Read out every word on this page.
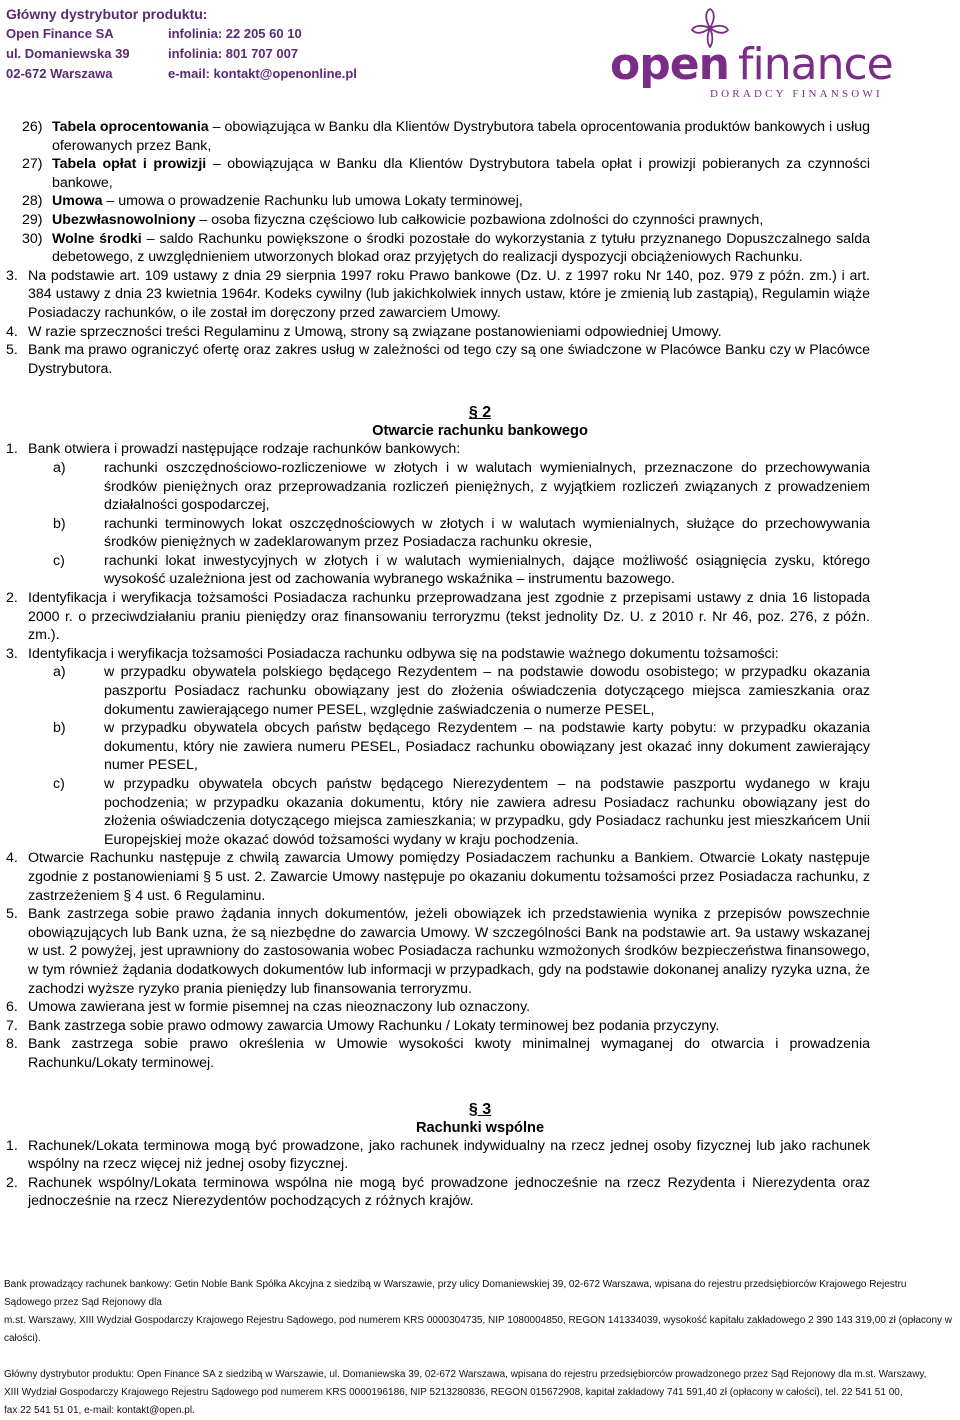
Główny dystrybutor produktu:
Open Finance SA	infolinia: 22 205 60 10
ul. Domaniewska 39	infolinia: 801 707 007
02-672 Warszawa	e-mail: kontakt@openonline.pl	open finance
DORADCY FINANSOWI
26) Tabela oprocentowania – obowiązująca w Banku dla Klientów Dystrybutora tabela oprocentowania produktów bankowych i usług oferowanych przez Bank,
27) Tabela opłat i prowizji – obowiązująca w Banku dla Klientów Dystrybutora tabela opłat i prowizji pobieranych za czynności bankowe,
28) Umowa – umowa o prowadzenie Rachunku lub umowa Lokaty terminowej,
29) Ubezwłasnowolniony – osoba fizyczna częściowo lub całkowicie pozbawiona zdolności do czynności prawnych,
30) Wolne środki – saldo Rachunku powiększone o środki pozostałe do wykorzystania z tytułu przyznanego Dopuszczalnego salda debetowego, z uwzględnieniem utworzonych blokad oraz przyjętych do realizacji dyspozycji obciążeniowych Rachunku.
3. Na podstawie art. 109 ustawy z dnia 29 sierpnia 1997 roku Prawo bankowe (Dz. U. z 1997 roku Nr 140, poz. 979 z późn. zm.) i art. 384 ustawy z dnia 23 kwietnia 1964r. Kodeks cywilny (lub jakichkolwiek innych ustaw, które je zmienią lub zastąpią), Regulamin wiąże Posiadaczy rachunków, o ile został im doręczony przed zawarciem Umowy.
4. W razie sprzeczności treści Regulaminu z Umową, strony są związane postanowieniami odpowiedniej Umowy.
5. Bank ma prawo ograniczyć ofertę oraz zakres usług w zależności od tego czy są one świadczone w Placówce Banku czy w Placówce Dystrybutora.
§ 2
Otwarcie rachunku bankowego
1. Bank otwiera i prowadzi następujące rodzaje rachunków bankowych:
a)	rachunki oszczędnościowo-rozliczeniowe w złotych i w walutach wymienialnych, przeznaczone do przechowywania środków pieniężnych oraz przeprowadzania rozliczeń pieniężnych, z wyjątkiem rozliczeń związanych z prowadzeniem działalności gospodarczej,
b)	rachunki terminowych lokat oszczędnościowych w złotych i w walutach wymienialnych, służące do przechowywania środków pieniężnych w zadeklarowanym przez Posiadacza rachunku okresie,
c)	rachunki lokat inwestycyjnych w złotych i w walutach wymienialnych, dające możliwość osiągnięcia zysku, którego wysokość uzależniona jest od zachowania wybranego wskaźnika – instrumentu bazowego.
2. Identyfikacja i weryfikacja tożsamości Posiadacza rachunku przeprowadzana jest zgodnie z przepisami ustawy z dnia 16 listopada 2000 r. o przeciwdziałaniu praniu pieniędzy oraz finansowaniu terroryzmu (tekst jednolity Dz. U. z 2010 r. Nr 46, poz. 276, z późn. zm.).
3. Identyfikacja i weryfikacja tożsamości Posiadacza rachunku odbywa się na podstawie ważnego dokumentu tożsamości:
a)	w przypadku obywatela polskiego będącego Rezydentem – na podstawie dowodu osobistego; w przypadku okazania paszportu Posiadacz rachunku obowiązany jest do złożenia oświadczenia dotyczącego miejsca zamieszkania oraz dokumentu zawierającego numer PESEL, względnie zaświadczenia o numerze PESEL,
b)	w przypadku obywatela obcych państw będącego Rezydentem – na podstawie karty pobytu: w przypadku okazania dokumentu, który nie zawiera numeru PESEL, Posiadacz rachunku obowiązany jest okazać inny dokument zawierający numer PESEL,
c)	w przypadku obywatela obcych państw będącego Nierezydentem – na podstawie paszportu wydanego w kraju pochodzenia; w przypadku okazania dokumentu, który nie zawiera adresu Posiadacz rachunku obowiązany jest do złożenia oświadczenia dotyczącego miejsca zamieszkania; w przypadku, gdy Posiadacz rachunku jest mieszkańcem Unii Europejskiej może okazać dowód tożsamości wydany w kraju pochodzenia.
4. Otwarcie Rachunku następuje z chwilą zawarcia Umowy pomiędzy Posiadaczem rachunku a Bankiem. Otwarcie Lokaty następuje zgodnie z postanowieniami § 5 ust. 2. Zawarcie Umowy następuje po okazaniu dokumentu tożsamości przez Posiadacza rachunku, z zastrzeżeniem § 4 ust. 6 Regulaminu.
5. Bank zastrzega sobie prawo żądania innych dokumentów, jeżeli obowiązek ich przedstawienia wynika z przepisów powszechnie obowiązujących lub Bank uzna, że są niezbędne do zawarcia Umowy. W szczególności Bank na podstawie art. 9a ustawy wskazanej w ust. 2 powyżej, jest uprawniony do zastosowania wobec Posiadacza rachunku wzmożonych środków bezpieczeństwa finansowego, w tym również żądania dodatkowych dokumentów lub informacji w przypadkach, gdy na podstawie dokonanej analizy ryzyka uzna, że zachodzi wyższe ryzyko prania pieniędzy lub finansowania terroryzmu.
6. Umowa zawierana jest w formie pisemnej na czas nieoznaczony lub oznaczony.
7. Bank zastrzega sobie prawo odmowy zawarcia Umowy Rachunku / Lokaty terminowej bez podania przyczyny.
8. Bank zastrzega sobie prawo określenia w Umowie wysokości kwoty minimalnej wymaganej do otwarcia i prowadzenia Rachunku/Lokaty terminowej.
§ 3
Rachunki wspólne
1. Rachunek/Lokata terminowa mogą być prowadzone, jako rachunek indywidualny na rzecz jednej osoby fizycznej lub jako rachunek wspólny na rzecz więcej niż jednej osoby fizycznej.
2. Rachunek wspólny/Lokata terminowa wspólna nie mogą być prowadzone jednocześnie na rzecz Rezydenta i Nierezydenta oraz jednocześnie na rzecz Nierezydentów pochodzących z różnych krajów.
Bank prowadzący rachunek bankowy: Getin Noble Bank Spółka Akcyjna z siedzibą w Warszawie, przy ulicy Domaniewskiej 39, 02-672 Warszawa, wpisana do rejestru przedsiębiorców Krajowego Rejestru Sądowego przez Sąd Rejonowy dla
m.st. Warszawy, XIII Wydział Gospodarczy Krajowego Rejestru Sądowego, pod numerem KRS 0000304735, NIP 1080004850, REGON 141334039, wysokość kapitału zakładowego 2 390 143 319,00 zł (opłacony w całości).
Główny dystrybutor produktu: Open Finance SA z siedzibą w Warszawie, ul. Domaniewska 39, 02-672 Warszawa, wpisana do rejestru przedsiębiorców prowadzonego przez Sąd Rejonowy dla m.st. Warszawy,
XIII Wydział Gospodarczy Krajowego Rejestru Sądowego pod numerem KRS 0000196186, NIP 5213280836, REGON 015672908, kapitał zakładowy 741 591,40 zł (opłacony w całości), tel. 22 541 51 00,
fax 22 541 51 01, e-mail: kontakt@open.pl.
